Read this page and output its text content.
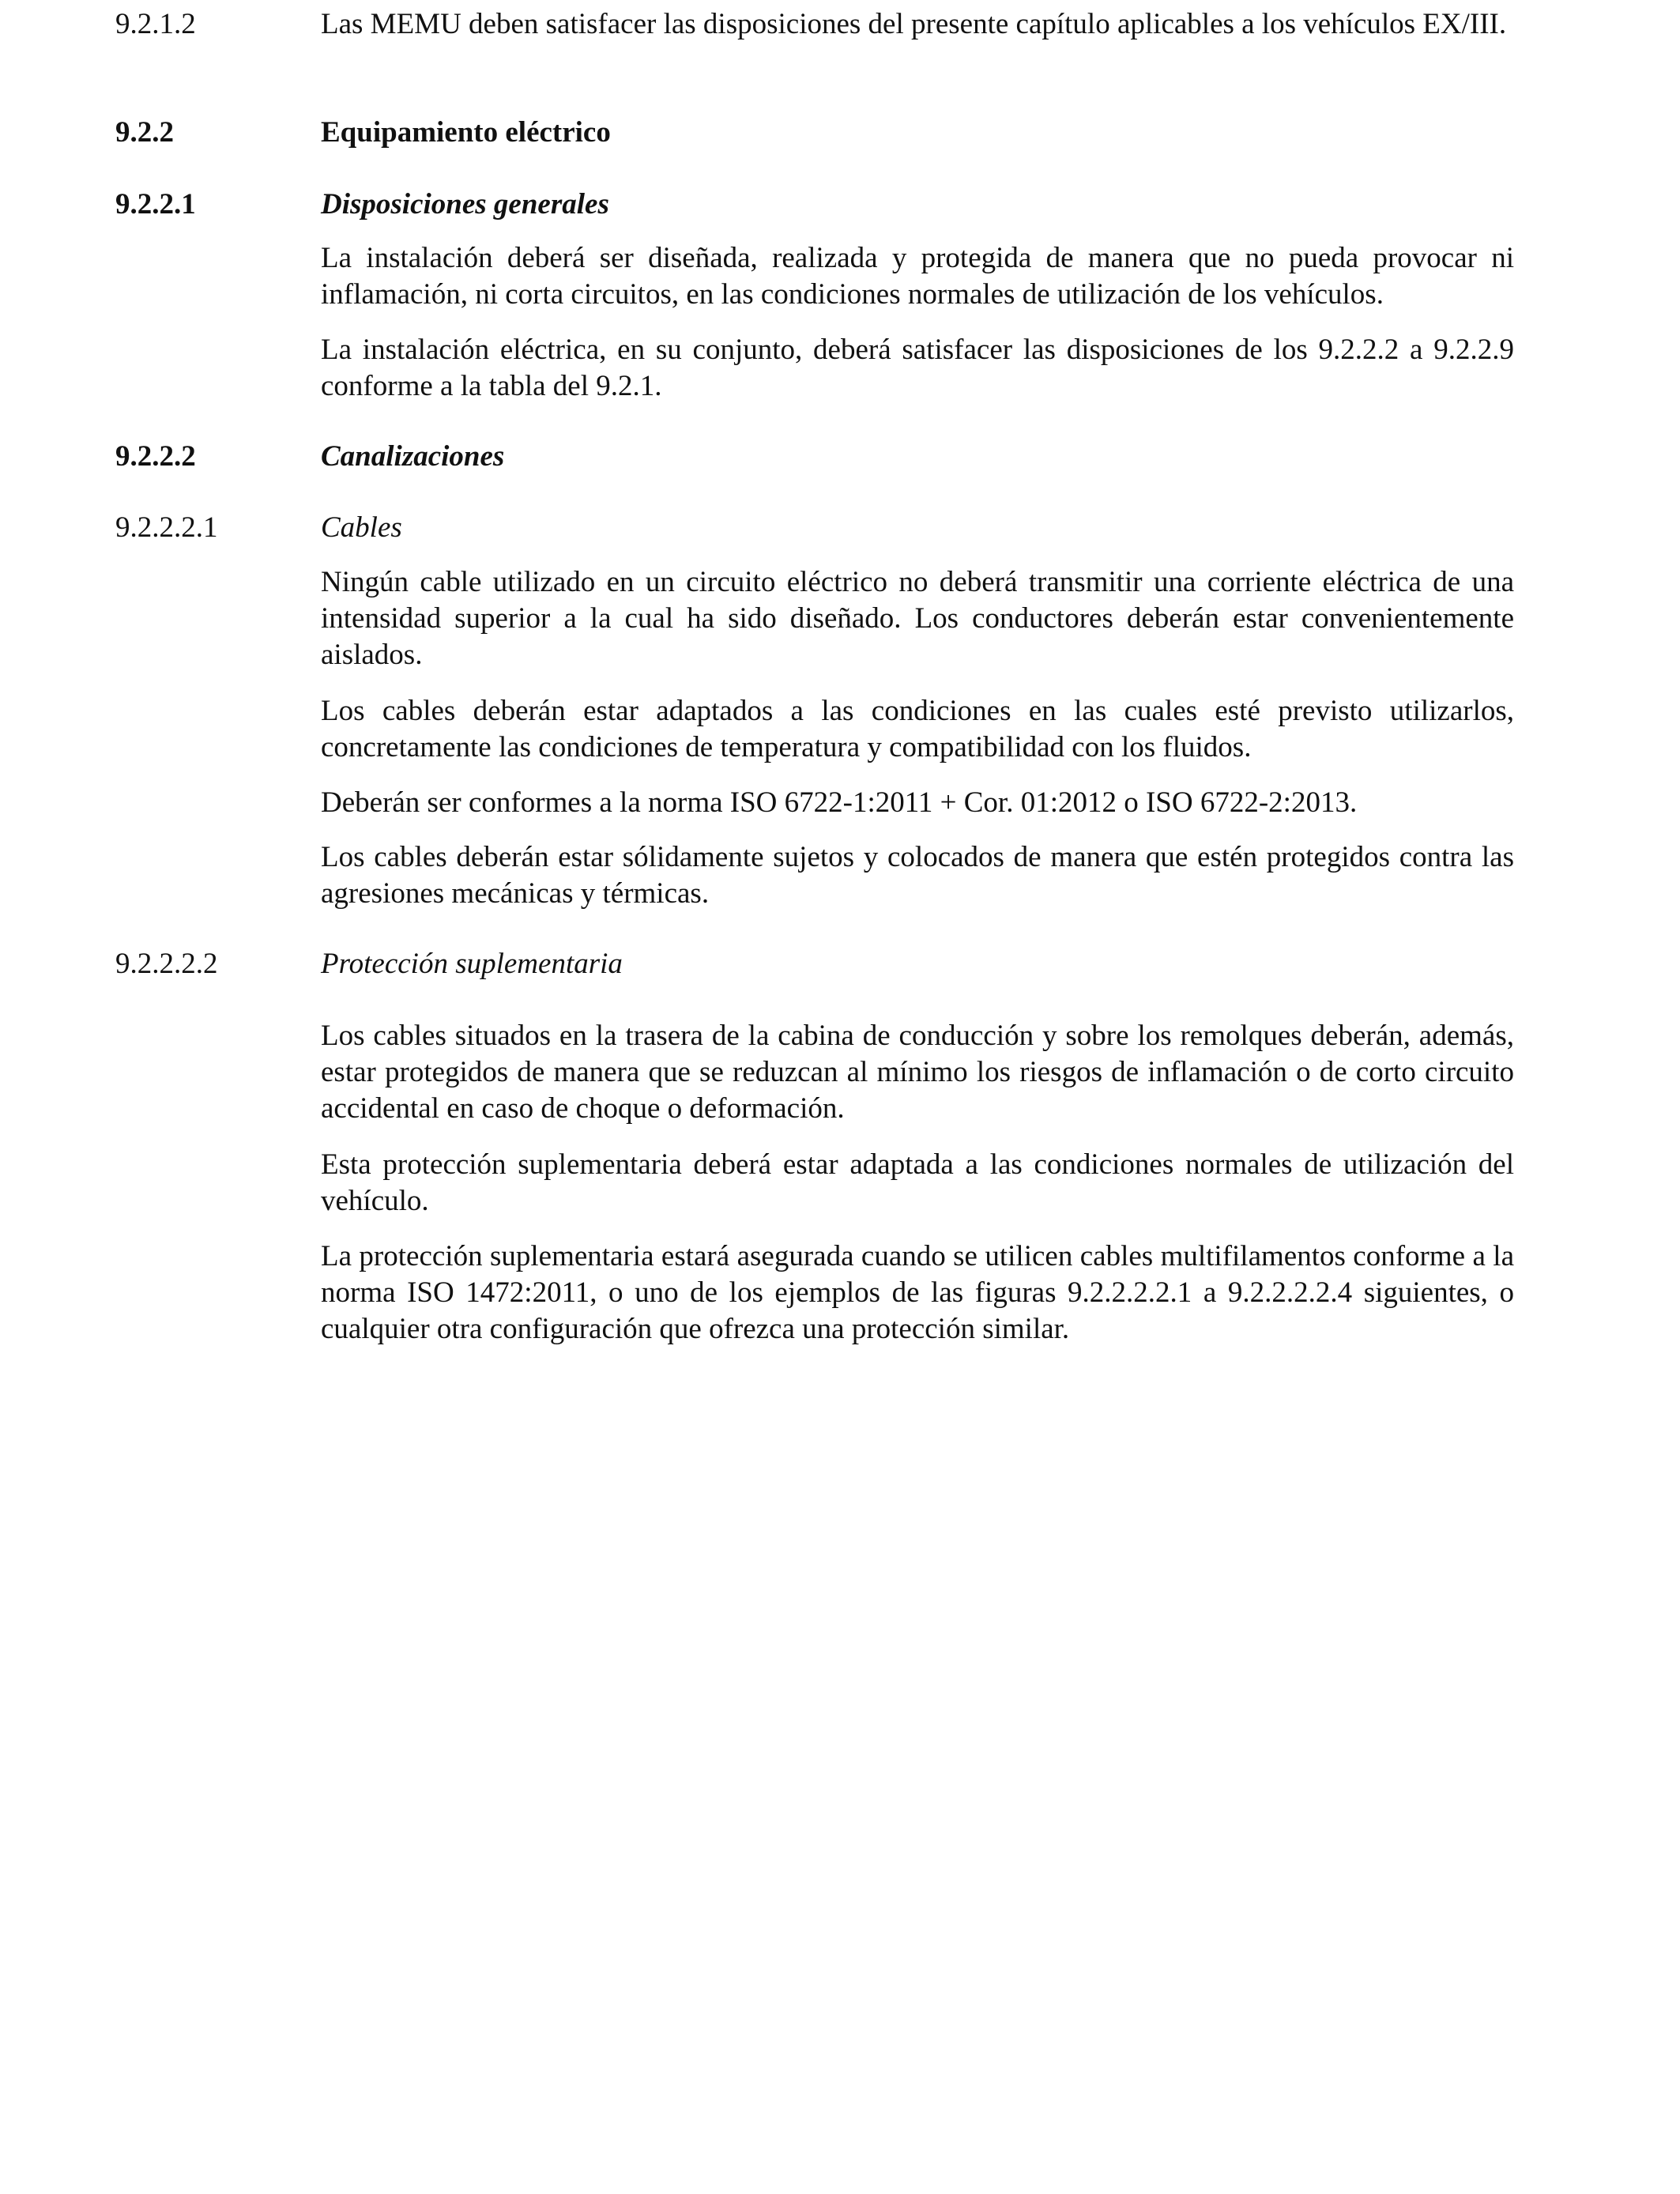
9.2.1.2	Las MEMU deben satisfacer las disposiciones del presente capítulo aplicables a los vehículos EX/III.

9.2.2	Equipamiento eléctrico
9.2.2.1	Disposiciones generales
La instalación deberá ser diseñada, realizada y protegida de manera que no pueda provocar ni inflamación, ni corta circuitos, en las condiciones normales de utilización de los vehículos.
La instalación eléctrica, en su conjunto, deberá satisfacer las disposiciones de los 9.2.2.2 a 9.2.2.9 conforme a la tabla del 9.2.1.
9.2.2.2	Canalizaciones
9.2.2.2.1	Cables
Ningún cable utilizado en un circuito eléctrico no deberá transmitir una corriente eléctrica de una intensidad superior a la cual ha sido diseñado. Los conductores deberán estar convenientemente aislados.
Los cables deberán estar adaptados a las condiciones en las cuales esté previsto utilizarlos, concretamente las condiciones de temperatura y compatibilidad con los fluidos.
Deberán ser conformes a la norma ISO 6722-1:2011 + Cor. 01:2012 o ISO 6722-2:2013.
Los cables deberán estar sólidamente sujetos y colocados de manera que estén protegidos contra las agresiones mecánicas y térmicas.
9.2.2.2.2	Protección suplementaria
Los cables situados en la trasera de la cabina de conducción y sobre los remolques deberán, además, estar protegidos de manera que se reduzcan al mínimo los riesgos de inflamación o de corto circuito accidental en caso de choque o deformación.
Esta protección suplementaria deberá estar adaptada a las condiciones normales de utilización del vehículo.
La protección suplementaria estará asegurada cuando se utilicen cables multifilamentos conforme a la norma ISO 1472:2011, o uno de los ejemplos de las figuras 9.2.2.2.2.1 a 9.2.2.2.2.4 siguientes, o cualquier otra configuración que ofrezca una protección similar.
